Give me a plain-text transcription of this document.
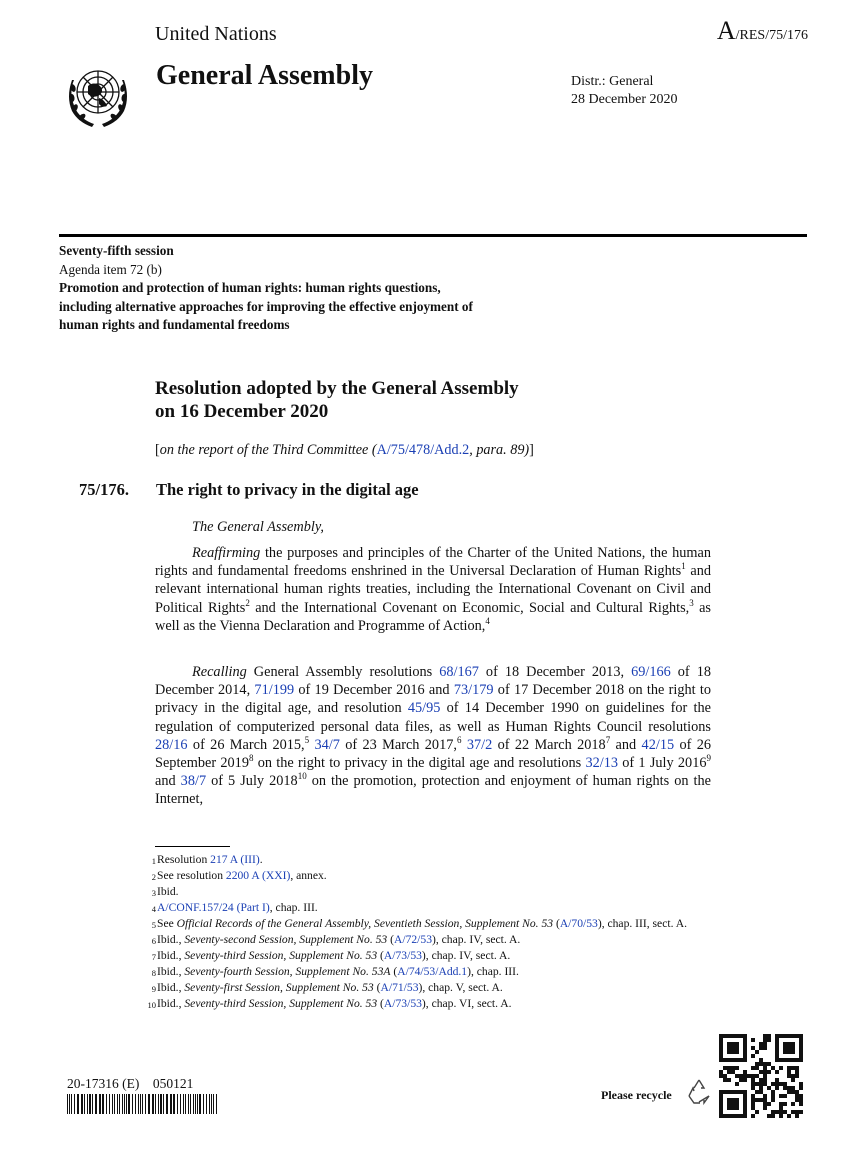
United Nations	A/RES/75/176
General Assembly	Distr.: General
28 December 2020
Seventy-fifth session
Agenda item 72 (b)
Promotion and protection of human rights: human rights questions, including alternative approaches for improving the effective enjoyment of human rights and fundamental freedoms
Resolution adopted by the General Assembly
on 16 December 2020
[on the report of the Third Committee (A/75/478/Add.2, para. 89)]
75/176. The right to privacy in the digital age
The General Assembly,
Reaffirming the purposes and principles of the Charter of the United Nations, the human rights and fundamental freedoms enshrined in the Universal Declaration of Human Rights$^1$ and relevant international human rights treaties, including the International Covenant on Civil and Political Rights$^2$ and the International Covenant on Economic, Social and Cultural Rights,$^3$ as well as the Vienna Declaration and Programme of Action,$^4$
Recalling General Assembly resolutions 68/167 of 18 December 2013, 69/166 of 18 December 2014, 71/199 of 19 December 2016 and 73/179 of 17 December 2018 on the right to privacy in the digital age, and resolution 45/95 of 14 December 1990 on guidelines for the regulation of computerized personal data files, as well as Human Rights Council resolutions 28/16 of 26 March 2015,$^5$ 34/7 of 23 March 2017,$^6$ 37/2 of 22 March 2018$^7$ and 42/15 of 26 September 2019$^8$ on the right to privacy in the digital age and resolutions 32/13 of 1 July 2016$^9$ and 38/7 of 5 July 2018$^{10}$ on the promotion, protection and enjoyment of human rights on the Internet,
1Resolution 217 A (III).
2See resolution 2200 A (XXI), annex.
3Ibid.
4A/CONF.157/24 (Part I), chap. III.
5See Official Records of the General Assembly, Seventieth Session, Supplement No. 53 (A/70/53), chap. III, sect. A.
6Ibid., Seventy-second Session, Supplement No. 53 (A/72/53), chap. IV, sect. A.
7Ibid., Seventy-third Session, Supplement No. 53 (A/73/53), chap. IV, sect. A.
8Ibid., Seventy-fourth Session, Supplement No. 53A (A/74/53/Add.1), chap. III.
9Ibid., Seventy-first Session, Supplement No. 53 (A/71/53), chap. V, sect. A.
10Ibid., Seventy-third Session, Supplement No. 53 (A/73/53), chap. VI, sect. A.
20-17316 (E)    050121
Please recycle
